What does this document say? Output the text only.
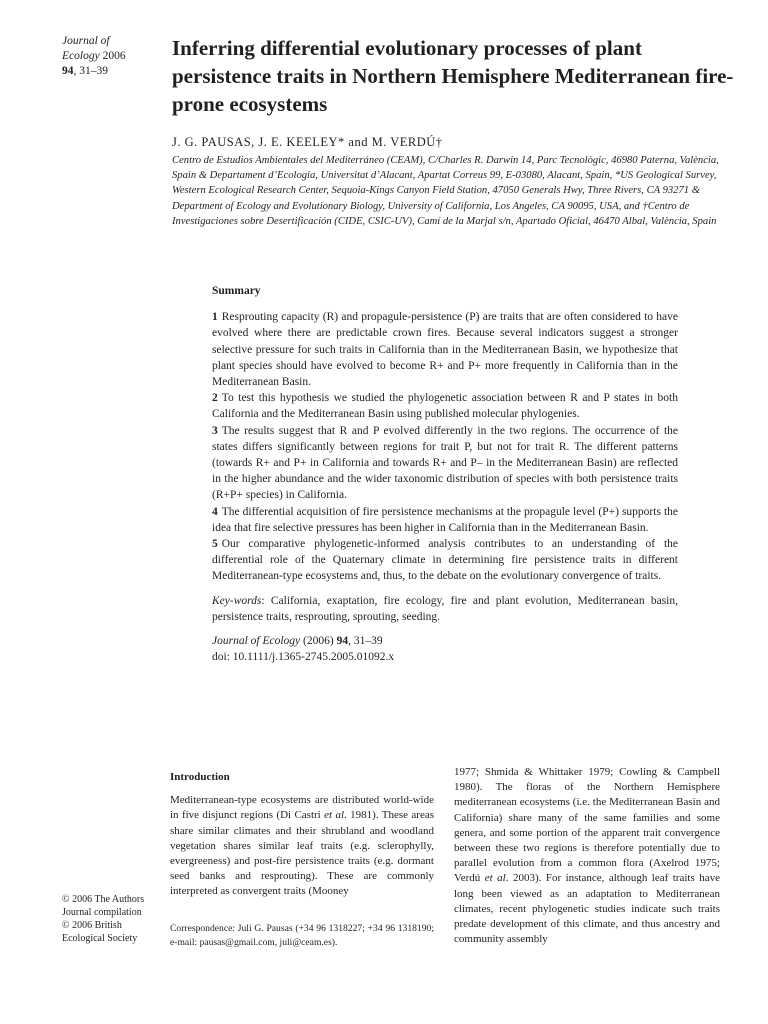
Journal of
Ecology 2006
94, 31–39
Inferring differential evolutionary processes of plant persistence traits in Northern Hemisphere Mediterranean fire-prone ecosystems
J. G. PAUSAS, J. E. KEELEY* and M. VERDÚ†

Centro de Estudios Ambientales del Mediterráneo (CEAM), C/Charles R. Darwin 14, Parc Tecnològic, 46980 Paterna, València, Spain & Departament d’Ecologia, Universitat d’Alacant, Apartat Correus 99, E-03080, Alacant, Spain, *US Geological Survey, Western Ecological Research Center, Sequoia-Kings Canyon Field Station, 47050 Generals Hwy, Three Rivers, CA 93271 & Department of Ecology and Evolutionary Biology, University of California, Los Angeles, CA 90095, USA, and †Centro de Investigaciones sobre Desertificación (CIDE, CSIC-UV), Camí de la Marjal s/n, Apartado Oficial, 46470 Albal, València, Spain

Summary

1 Resprouting capacity (R) and propagule-persistence (P) are traits that are often considered to have evolved where there are predictable crown fires. Because several indicators suggest a stronger selective pressure for such traits in California than in the Mediterranean Basin, we hypothesize that plant species should have evolved to become R+ and P+ more frequently in California than in the Mediterranean Basin.

2 To test this hypothesis we studied the phylogenetic association between R and P states in both California and the Mediterranean Basin using published molecular phylogenies.

3 The results suggest that R and P evolved differently in the two regions. The occurrence of the states differs significantly between regions for trait P, but not for trait R. The different patterns (towards R+ and P+ in California and towards R+ and P– in the Mediterranean Basin) are reflected in the higher abundance and the wider taxonomic distribution of species with both persistence traits (R+P+ species) in California.

4 The differential acquisition of fire persistence mechanisms at the propagule level (P+) supports the idea that fire selective pressures has been higher in California than in the Mediterranean Basin.

5 Our comparative phylogenetic-informed analysis contributes to an understanding of the differential role of the Quaternary climate in determining fire persistence traits in different Mediterranean-type ecosystems and, thus, to the debate on the evolutionary convergence of traits.

Key-words: California, exaptation, fire ecology, fire and plant evolution, Mediterranean basin, persistence traits, resprouting, sprouting, seeding.

Journal of Ecology (2006) 94, 31–39
doi: 10.1111/j.1365-2745.2005.01092.x

Introduction

Mediterranean-type ecosystems are distributed world-wide in five disjunct regions (Di Castri et al. 1981). These areas share similar climates and their shrubland and woodland vegetation shares similar leaf traits (e.g. sclerophylly, evergreeness) and post-fire persistence traits (e.g. dormant seed banks and resprouting). These are commonly interpreted as convergent traits (Mooney

1977; Shmida & Whittaker 1979; Cowling & Campbell 1980). The floras of the Northern Hemisphere mediterranean ecosystems (i.e. the Mediterranean Basin and California) share many of the same families and some genera, and some portion of the apparent trait convergence between these two regions is therefore potentially due to parallel evolution from a common flora (Axelrod 1975; Verdú et al. 2003). For instance, although leaf traits have long been viewed as an adaptation to Mediterranean climates, recent phylogenetic studies indicate such traits predate development of this climate, and thus ancestry and community assembly

© 2006 The Authors
Journal compilation
© 2006 British
Ecological Society

Correspondence: Juli G. Pausas (+34 96 1318227; +34 96 1318190; e-mail: pausas@gmail.com, juli@ceam.es).
